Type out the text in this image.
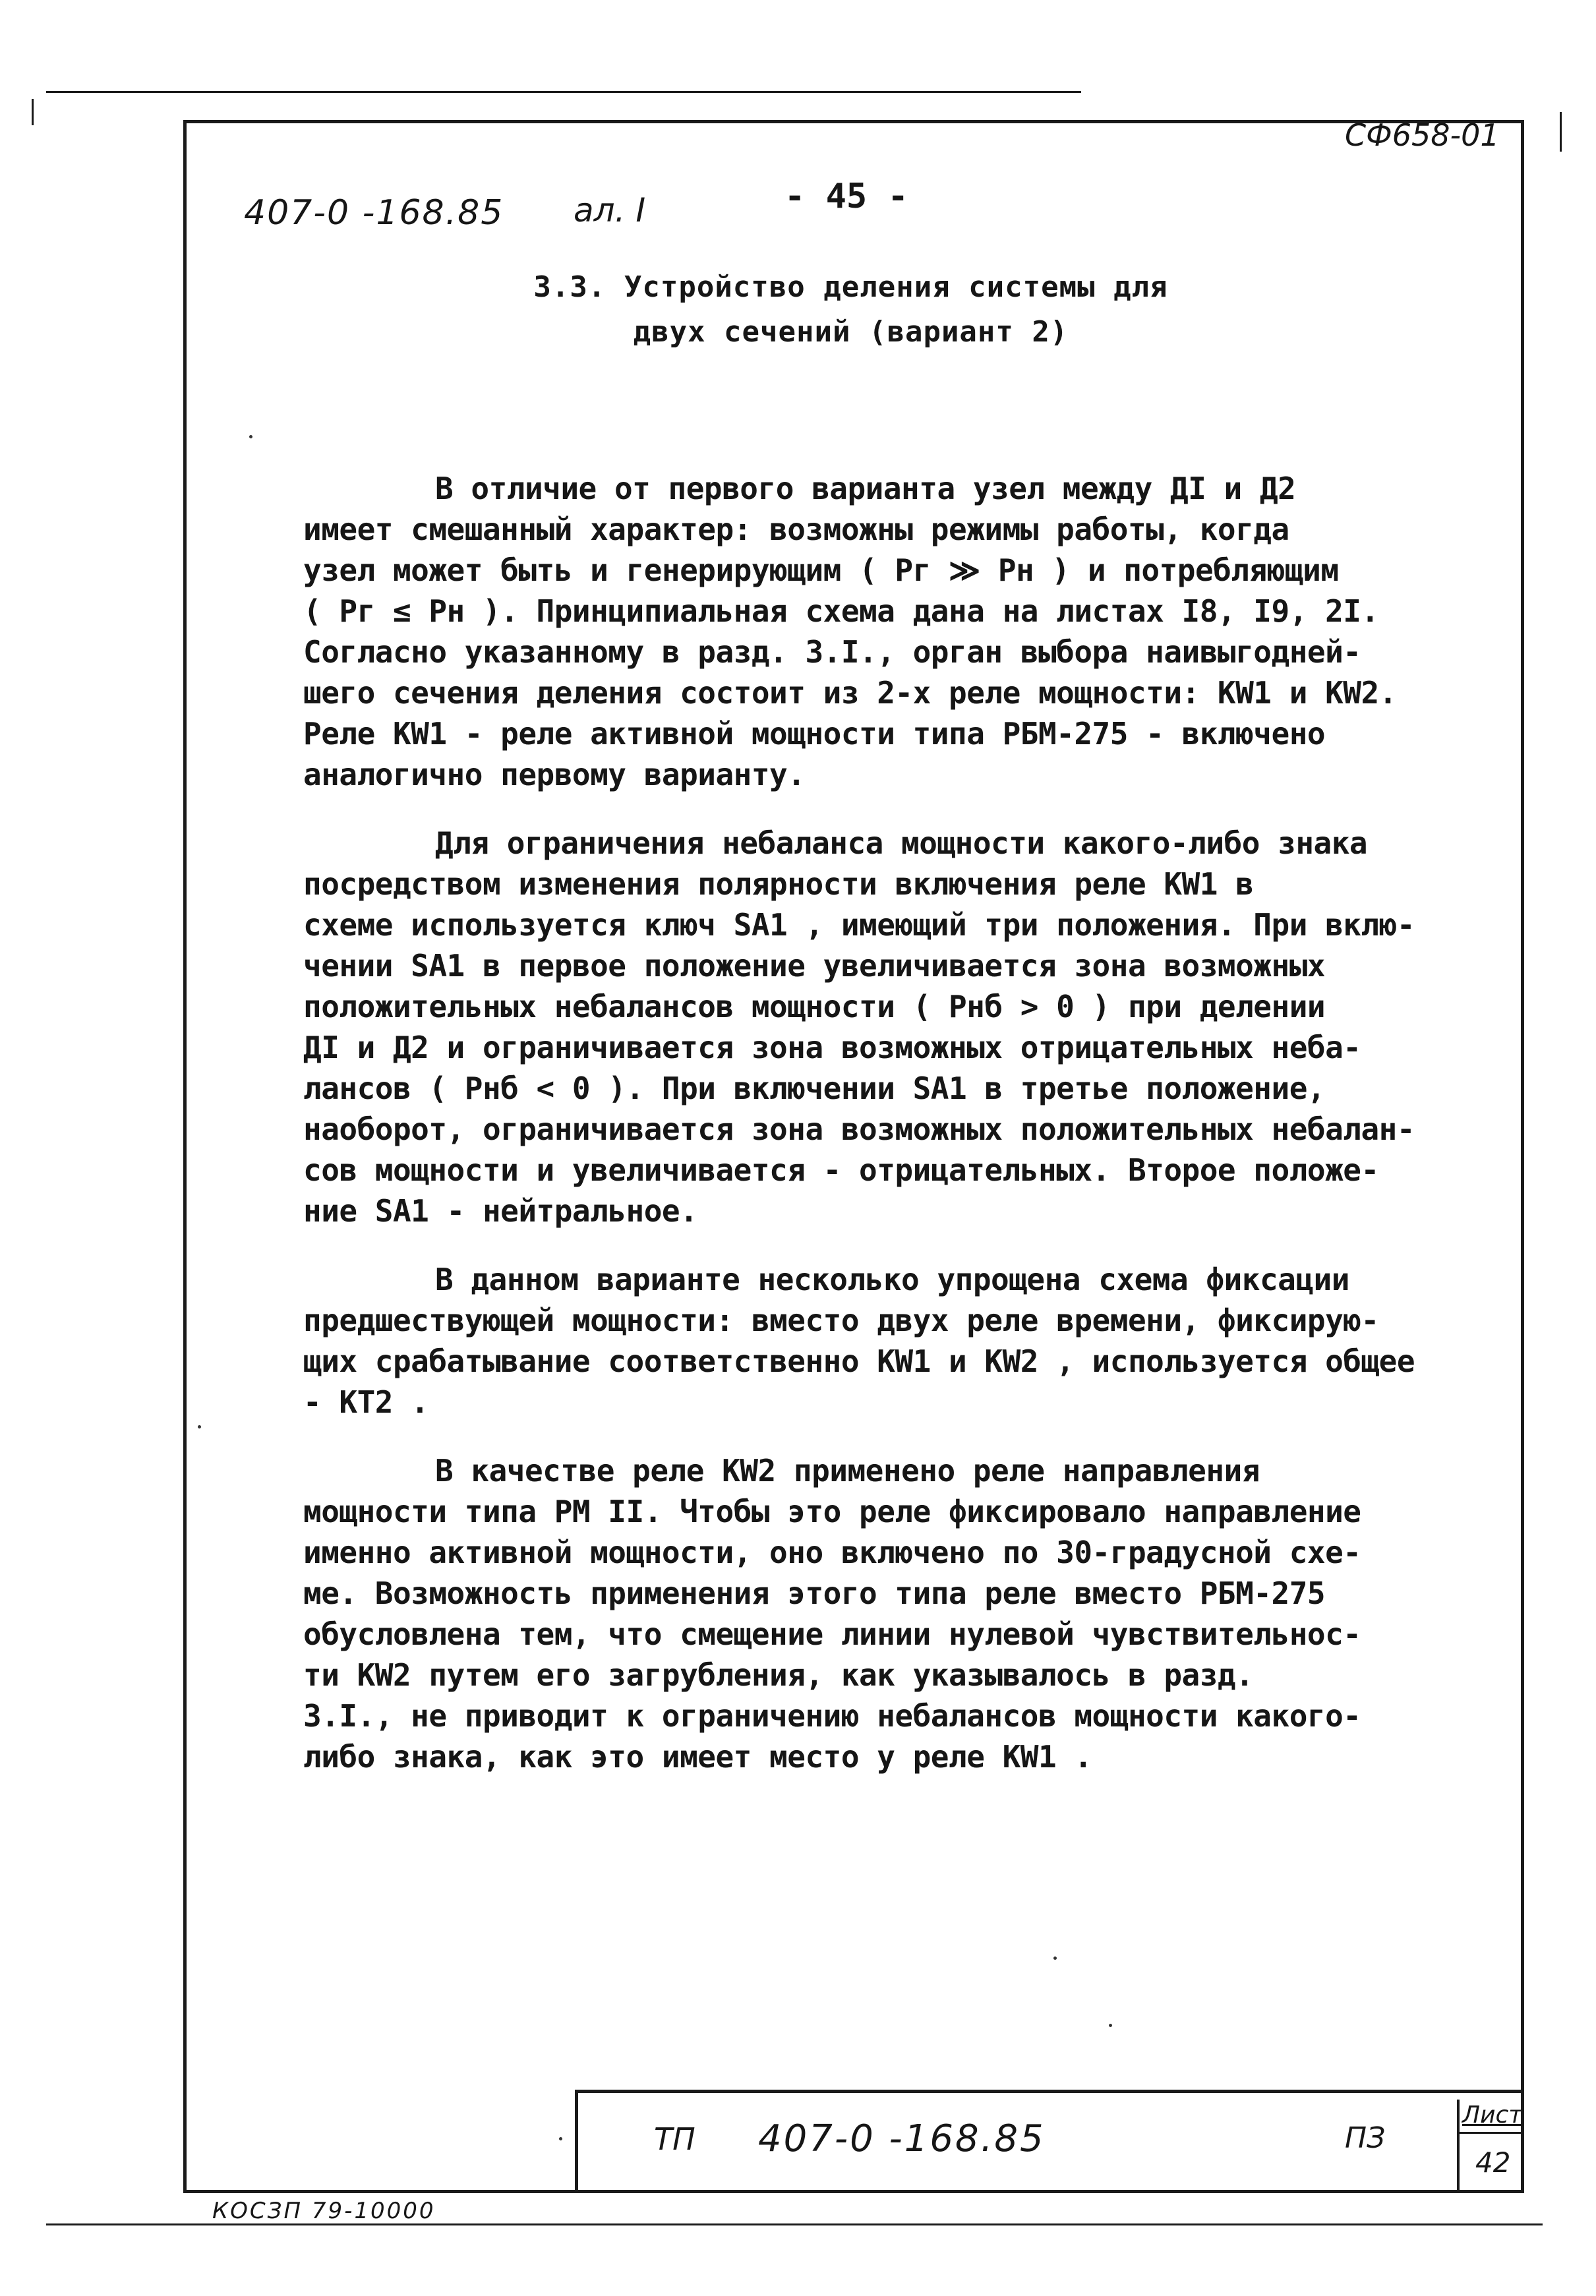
СФ658-01
407-0 -168.85 ал. I	- 45 -
3.3. Устройство деления системы для
двух сечений (вариант 2)

В отличие от первого варианта узел между ДI и Д2
имеет смешанный характер: возможны режимы работы, когда
узел может быть и генерирующим ( Pг ≫ Pн ) и потребляющим
( Pг ≤ Pн ). Принципиальная схема дана на листах I8, I9, 2I.
Согласно указанному в разд. 3.I., орган выбора наивыгодней-
шего сечения деления состоит из 2-х реле мощности: KW1 и KW2.
Реле KW1 - реле активной мощности типа РБМ-275 - включено
аналогично первому варианту.

Для ограничения небаланса мощности какого-либо знака
посредством изменения полярности включения реле KW1 в
схеме используется ключ SA1 , имеющий три положения. При вклю-
чении SA1 в первое положение увеличивается зона возможных
положительных небалансов мощности ( Pнб > 0 ) при делении
ДI и Д2 и ограничивается зона возможных отрицательных неба-
лансов ( Pнб < 0 ). При включении SA1 в третье положение,
наоборот, ограничивается зона возможных положительных небалан-
сов мощности и увеличивается - отрицательных. Второе положе-
ние SA1 - нейтральное.

В данном варианте несколько упрощена схема фиксации
предшествующей мощности: вместо двух реле времени, фиксирую-
щих срабатывание соответственно KW1 и KW2 , используется общее - KT2 .

В качестве реле KW2 применено реле направления
мощности типа РМ II. Чтобы это реле фиксировало направление
именно активной мощности, оно включено по 30-градусной схе-
ме. Возможность применения этого типа реле вместо РБМ-275
обусловлена тем, что смещение линии нулевой чувствительнос-
ти KW2 путем его загрубления, как указывалось в разд.
3.I., не приводит к ограничению небалансов мощности какого-
либо знака, как это имеет место у реле KW1 .

ТП 407-0 -168.85	ПЗ
Лист
42
КОСЗП 79-10000
